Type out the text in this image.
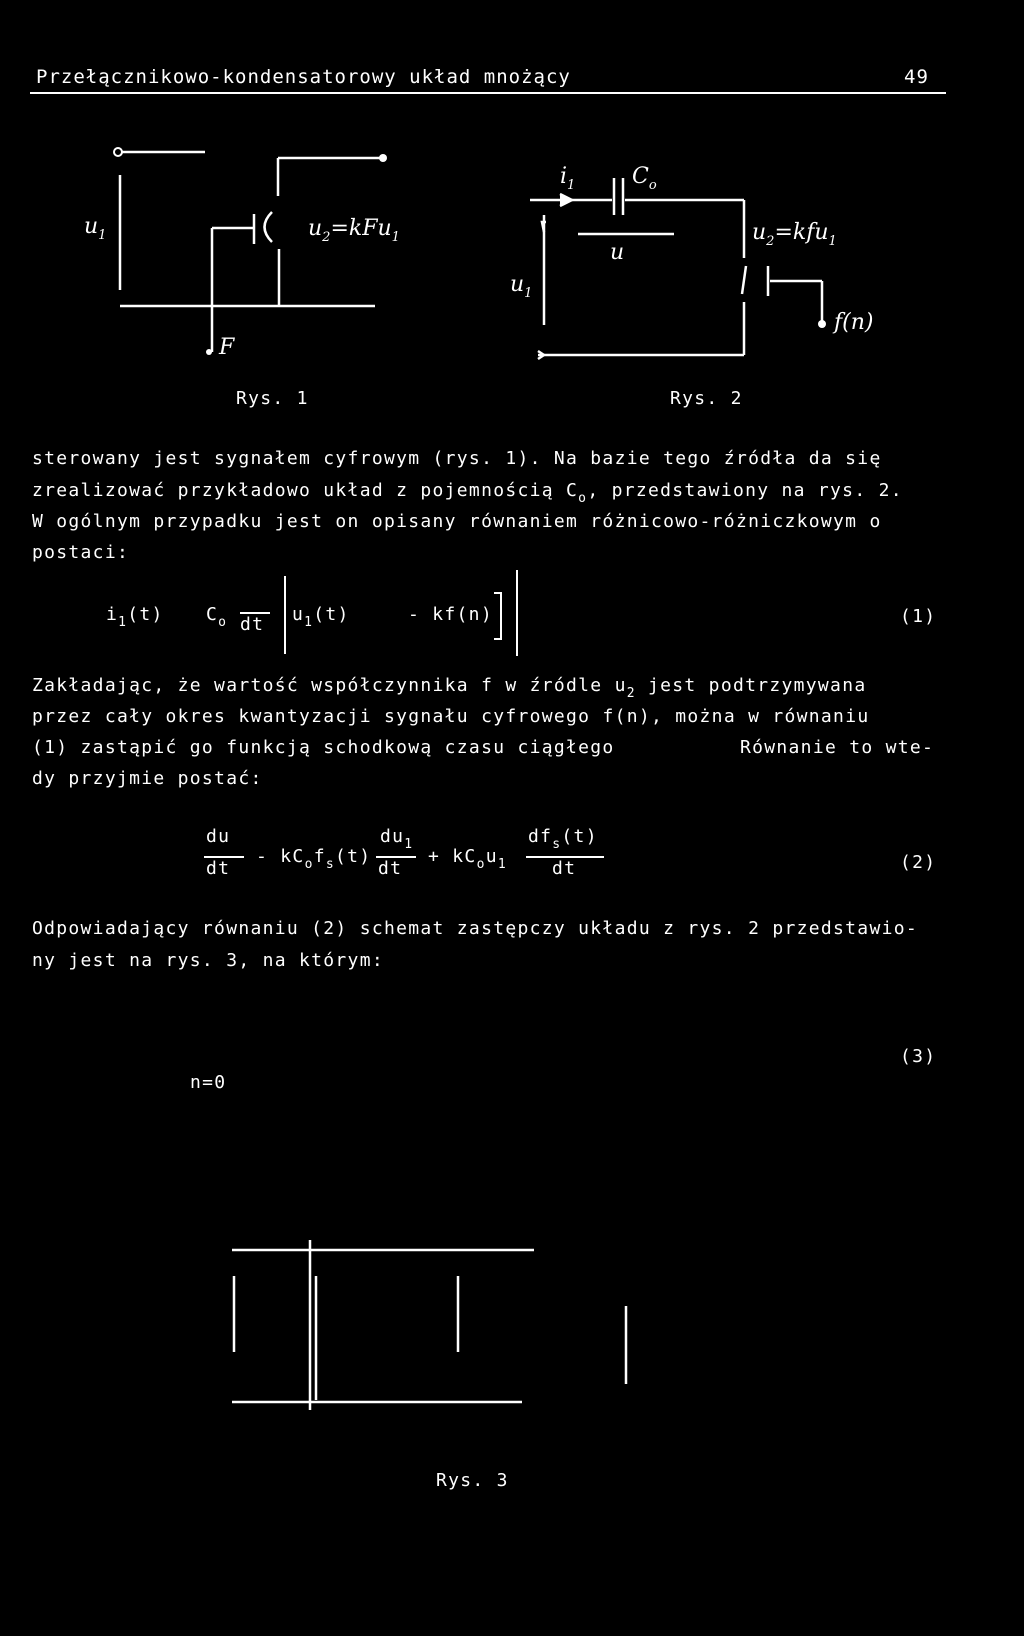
Przełącznikowo-kondensatorowy układ mnożący	49
$u_1$	$u_2=kFu_1$
F
Rys. 1
$i_1$	$C_o$
u
$u_1$
$u_2=kfu_1$
f(n)
Rys. 2
sterowany jest sygnałem cyfrowym (rys. 1). Na bazie tego źródła da się
zrealizować przykładowo układ z pojemnością $C_o$, przedstawiony na rys. 2.
W ogólnym przypadku jest on opisany równaniem różnicowo-różniczkowym o
postaci:
$i_1(t)$ $C_o$ dt $u_1(t)$	- kf(n)	(1)
Zakładając, że wartość współczynnika f w źródle $u_2$ jest podtrzymywana
przez cały okres kwantyzacji sygnału cyfrowego f(n), można w równaniu
(1) zastąpić go funkcją schodkową czasu ciągłego	Równanie to wte-
dy przyjmie postać:
du
dt
- $kC_of_s(t)$
$du_1$
dt
+ $kC_ou_1$
$df_s(t)$
dt	(2)
Odpowiadający równaniu (2) schemat zastępczy układu z rys. 2 przedstawio-
ny jest na rys. 3, na którym:
(3)
n=0
Rys. 3
